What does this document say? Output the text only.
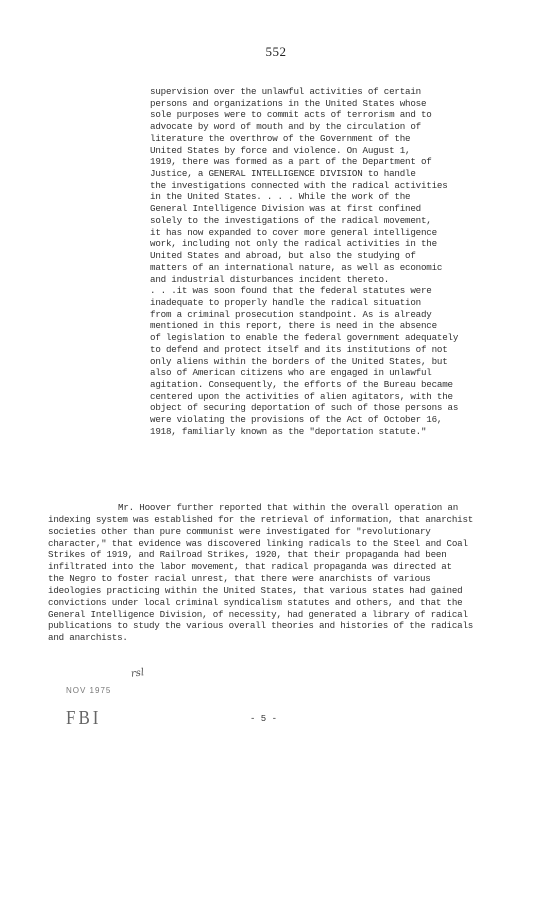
552
supervision over the unlawful activities of certain
persons and organizations in the United States whose
sole purposes were to commit acts of terrorism and to
advocate by word of mouth and by the circulation of
literature the overthrow of the Government of the
United States by force and violence. On August 1,
1919, there was formed as a part of the Department of
Justice, a GENERAL INTELLIGENCE DIVISION to handle
the investigations connected with the radical activities
in the United States. . . . While the work of the
General Intelligence Division was at first confined
solely to the investigations of the radical movement,
it has now expanded to cover more general intelligence
work, including not only the radical activities in the
United States and abroad, but also the studying of
matters of an international nature, as well as economic
and industrial disturbances incident thereto.
. . .it was soon found that the federal statutes were
inadequate to properly handle the radical situation
from a criminal prosecution standpoint. As is already
mentioned in this report, there is need in the absence
of legislation to enable the federal government adequately
to defend and protect itself and its institutions of not
only aliens within the borders of the United States, but
also of American citizens who are engaged in unlawful
agitation. Consequently, the efforts of the Bureau became
centered upon the activities of alien agitators, with the
object of securing deportation of such of those persons as
were violating the provisions of the Act of October 16,
1918, familiarly known as the "deportation statute."
Mr. Hoover further reported that within the overall operation an
indexing system was established for the retrieval of information, that anarchist
societies other than pure communist were investigated for "revolutionary
character," that evidence was discovered linking radicals to the Steel and Coal
Strikes of 1919, and Railroad Strikes, 1920, that their propaganda had been
infiltrated into the labor movement, that radical propaganda was directed at
the Negro to foster racial unrest, that there were anarchists of various
ideologies practicing within the United States, that various states had gained
convictions under local criminal syndicalism statutes and others, and that the
General Intelligence Division, of necessity, had generated a library of radical
publications to study the various overall theories and histories of the radicals
and anarchists.
rsl
NOV 1975
FBI	- 5 -
